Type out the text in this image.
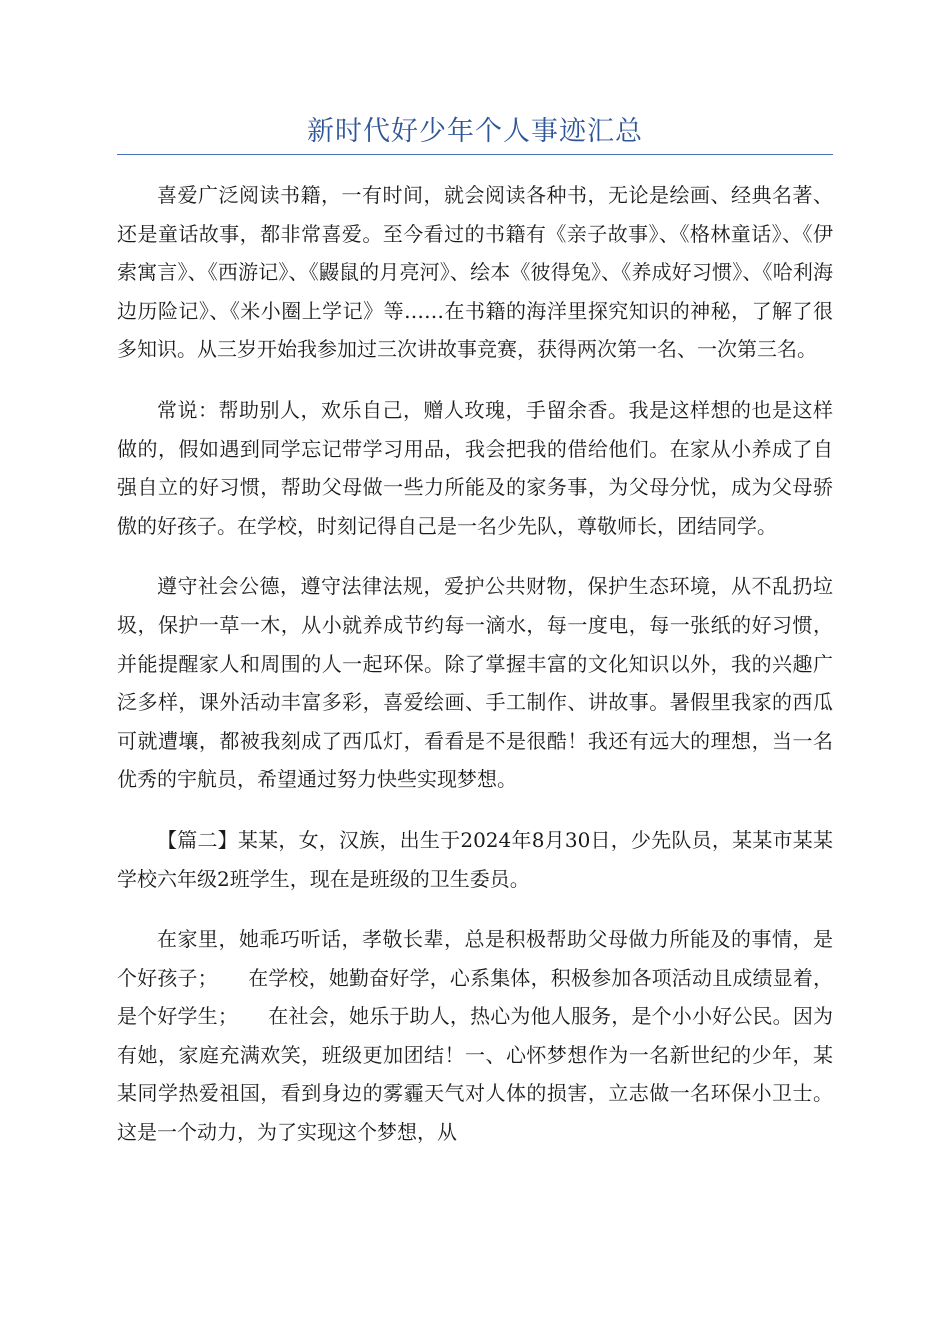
新时代好少年个人事迹汇总

喜爱广泛阅读书籍，一有时间，就会阅读各种书，无论是绘画、经典名著、还是童话故事，都非常喜爱。至今看过的书籍有《亲子故事》、《格林童话》、《伊索寓言》、《西游记》、《鼹鼠的月亮河》、绘本《彼得兔》、《养成好习惯》、《哈利海边历险记》、《米小圈上学记》等……在书籍的海洋里探究知识的神秘，了解了很多知识。从三岁开始我参加过三次讲故事竞赛，获得两次第一名、一次第三名。

常说：帮助别人，欢乐自己，赠人玫瑰，手留余香。我是这样想的也是这样做的，假如遇到同学忘记带学习用品，我会把我的借给他们。在家从小养成了自强自立的好习惯，帮助父母做一些力所能及的家务事，为父母分忧，成为父母骄傲的好孩子。在学校，时刻记得自己是一名少先队，尊敬师长，团结同学。

遵守社会公德，遵守法律法规，爱护公共财物，保护生态环境，从不乱扔垃圾，保护一草一木，从小就养成节约每一滴水，每一度电，每一张纸的好习惯，并能提醒家人和周围的人一起环保。除了掌握丰富的文化知识以外，我的兴趣广泛多样，课外活动丰富多彩，喜爱绘画、手工制作、讲故事。暑假里我家的西瓜可就遭壤，都被我刻成了西瓜灯，看看是不是很酷！我还有远大的理想，当一名优秀的宇航员，希望通过努力快些实现梦想。

【篇二】某某，女，汉族，出生于2024年8月30日，少先队员，某某市某某学校六年级2班学生，现在是班级的卫生委员。

在家里，她乖巧听话，孝敬长辈，总是积极帮助父母做力所能及的事情，是个好孩子；　　在学校，她勤奋好学，心系集体，积极参加各项活动且成绩显着，是个好学生；　　在社会，她乐于助人，热心为他人服务，是个小小好公民。因为有她，家庭充满欢笑，班级更加团结！一、心怀梦想作为一名新世纪的少年，某某同学热爱祖国，看到身边的雾霾天气对人体的损害，立志做一名环保小卫士。这是一个动力，为了实现这个梦想，从
